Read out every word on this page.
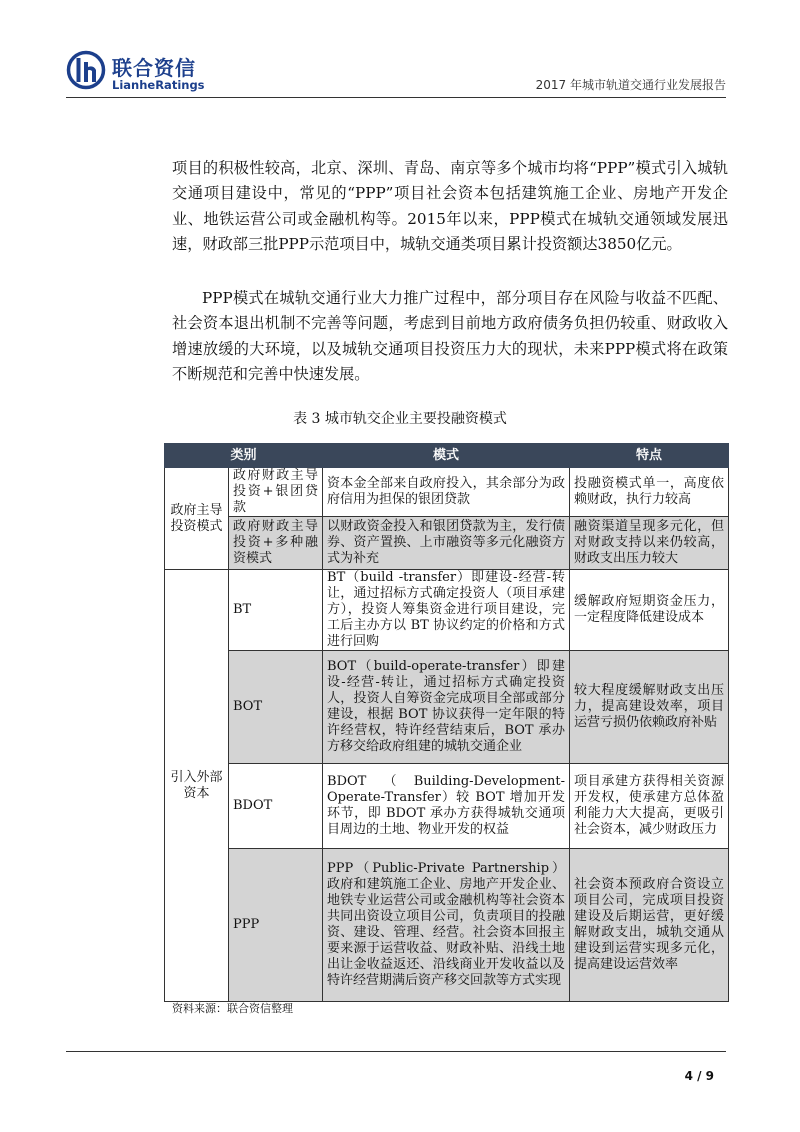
联合资信
LianheRatings	2017 年城市轨道交通行业发展报告

项目的积极性较高，北京、深圳、青岛、南京等多个城市均将“PPP”模式引入城轨交通项目建设中，常见的“PPP”项目社会资本包括建筑施工企业、房地产开发企业、地铁运营公司或金融机构等。2015年以来，PPP模式在城轨交通领域发展迅速，财政部三批PPP示范项目中，城轨交通类项目累计投资额达3850亿元。

PPP模式在城轨交通行业大力推广过程中，部分项目存在风险与收益不匹配、社会资本退出机制不完善等问题，考虑到目前地方政府债务负担仍较重、财政收入增速放缓的大环境，以及城轨交通项目投资压力大的现状，未来PPP模式将在政策不断规范和完善中快速发展。

表 3 城市轨交企业主要投融资模式
类别		模式	特点
政府主导投资模式	政府财政主导投资+银团贷款	资本金全部来自政府投入，其余部分为政府信用为担保的银团贷款	投融资模式单一，高度依赖财政，执行力较高
	政府财政主导投资+多种融资模式	以财政资金投入和银团贷款为主，发行债券、资产置换、上市融资等多元化融资方式为补充	融资渠道呈现多元化，但对财政支持以来仍较高，财政支出压力较大
引入外部资本	BT	BT（build -transfer）即建设-经营-转让，通过招标方式确定投资人（项目承建方），投资人筹集资金进行项目建设，完工后主办方以 BT 协议约定的价格和方式进行回购	缓解政府短期资金压力，一定程度降低建设成本
	BOT	BOT（build-operate-transfer）即建设-经营-转让，通过招标方式确定投资人，投资人自筹资金完成项目全部或部分建设，根据 BOT 协议获得一定年限的特许经营权，特许经营结束后，BOT 承办方移交给政府组建的城轨交通企业	较大程度缓解财政支出压力，提高建设效率，项目运营亏损仍依赖政府补贴
	BDOT	BDOT（Building-Development-Operate-Transfer）较 BOT 增加开发环节，即 BDOT 承办方获得城轨交通项目周边的土地、物业开发的权益	项目承建方获得相关资源开发权，使承建方总体盈利能力大大提高，更吸引社会资本，减少财政压力
	PPP	PPP（Public-Private Partnership）政府和建筑施工企业、房地产开发企业、地铁专业运营公司或金融机构等社会资本共同出资设立项目公司，负责项目的投融资、建设、管理、经营。社会资本回报主要来源于运营收益、财政补贴、沿线土地出让金收益返还、沿线商业开发收益以及特许经营期满后资产移交回款等方式实现	社会资本预政府合资设立项目公司，完成项目投资建设及后期运营，更好缓解财政支出，城轨交通从建设到运营实现多元化，提高建设运营效率
资料来源：联合资信整理
4 / 9
